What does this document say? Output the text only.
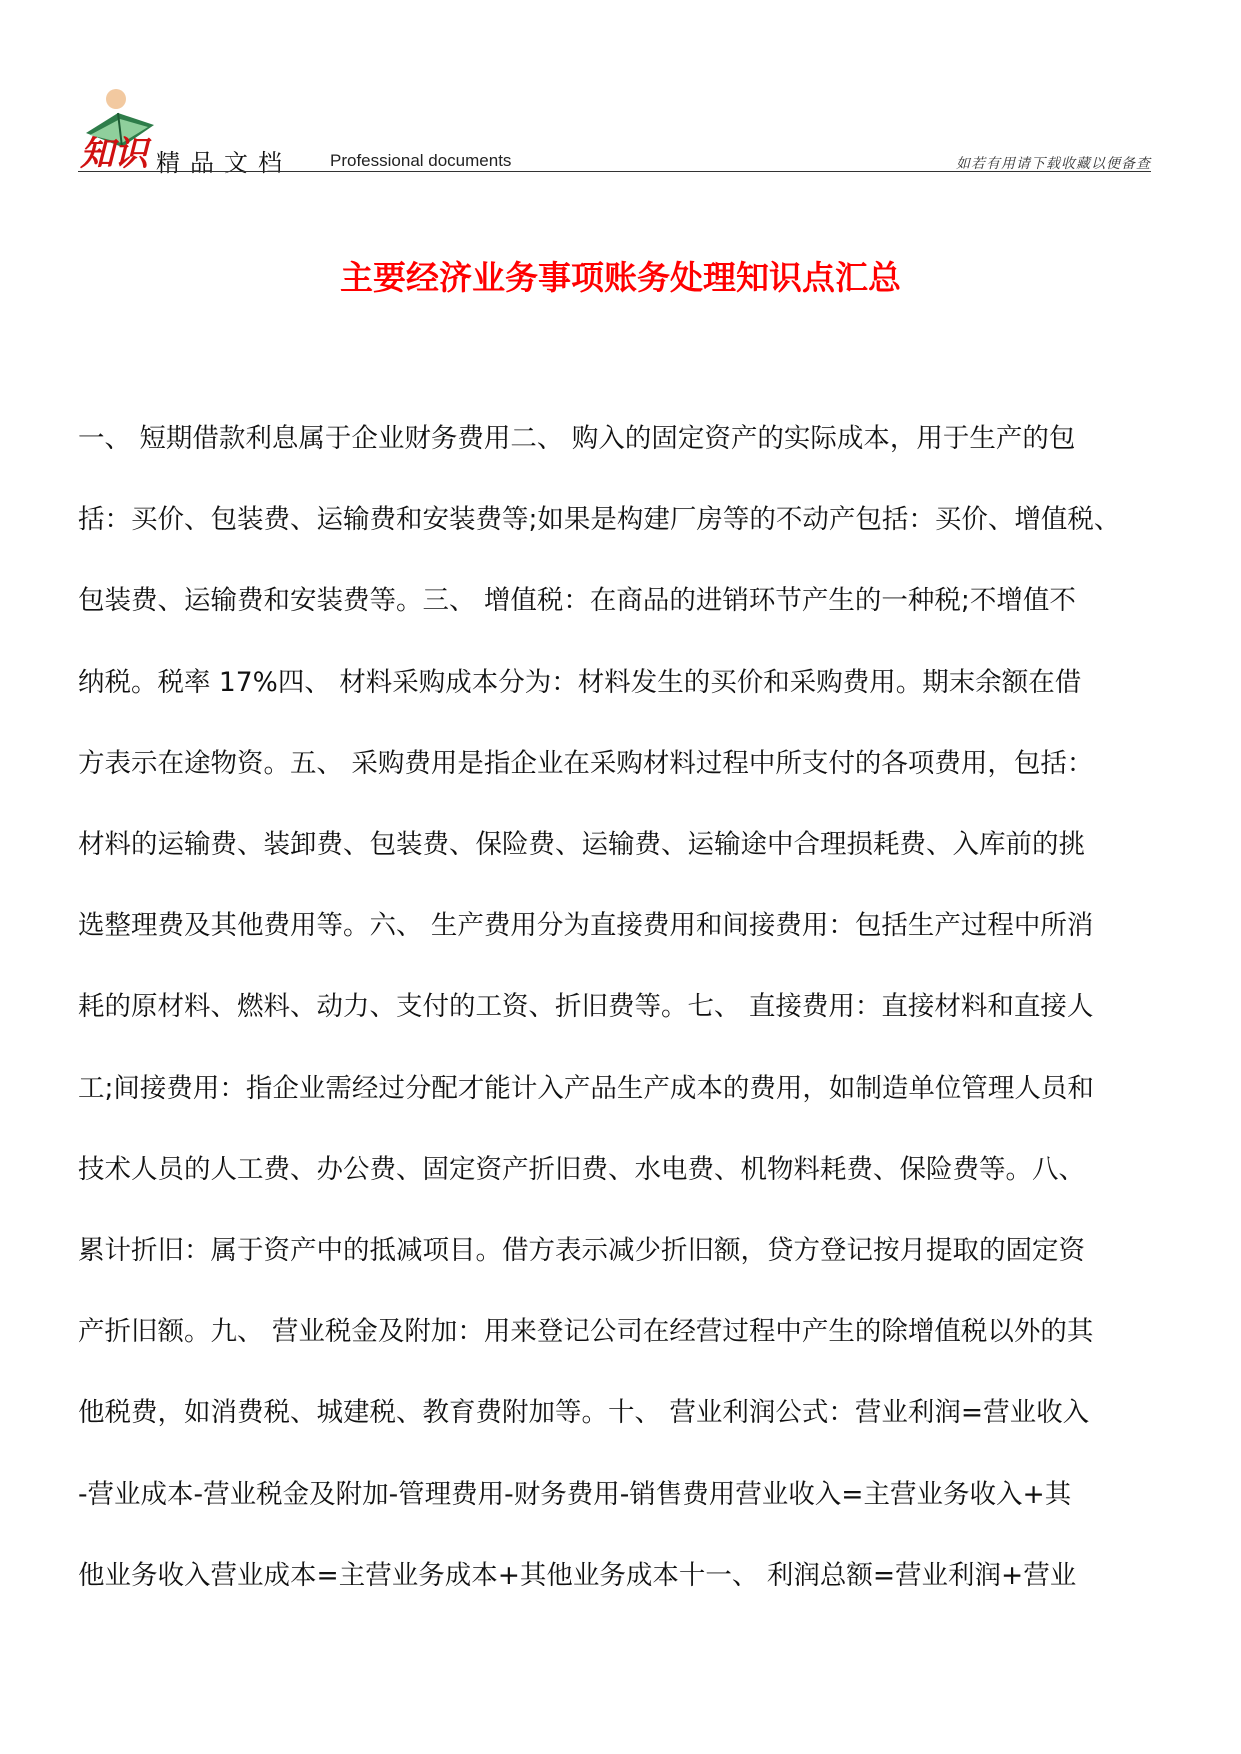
知识 精品文档 Professional documents	如若有用请下载收藏以便备查
主要经济业务事项账务处理知识点汇总
一、 短期借款利息属于企业财务费用二、 购入的固定资产的实际成本，用于生产的包
括：买价、包装费、运输费和安装费等;如果是构建厂房等的不动产包括：买价、增值税、
包装费、运输费和安装费等。三、 增值税：在商品的进销环节产生的一种税;不增值不
纳税。税率 17%四、 材料采购成本分为：材料发生的买价和采购费用。期末余额在借
方表示在途物资。五、 采购费用是指企业在采购材料过程中所支付的各项费用，包括：
材料的运输费、装卸费、包装费、保险费、运输费、运输途中合理损耗费、入库前的挑
选整理费及其他费用等。六、 生产费用分为直接费用和间接费用：包括生产过程中所消
耗的原材料、燃料、动力、支付的工资、折旧费等。七、 直接费用：直接材料和直接人
工;间接费用：指企业需经过分配才能计入产品生产成本的费用，如制造单位管理人员和
技术人员的人工费、办公费、固定资产折旧费、水电费、机物料耗费、保险费等。八、
累计折旧：属于资产中的抵减项目。借方表示减少折旧额，贷方登记按月提取的固定资
产折旧额。九、 营业税金及附加：用来登记公司在经营过程中产生的除增值税以外的其
他税费，如消费税、城建税、教育费附加等。十、 营业利润公式：营业利润=营业收入
-营业成本-营业税金及附加-管理费用-财务费用-销售费用营业收入=主营业务收入+其
他业务收入营业成本=主营业务成本+其他业务成本十一、 利润总额=营业利润+营业
